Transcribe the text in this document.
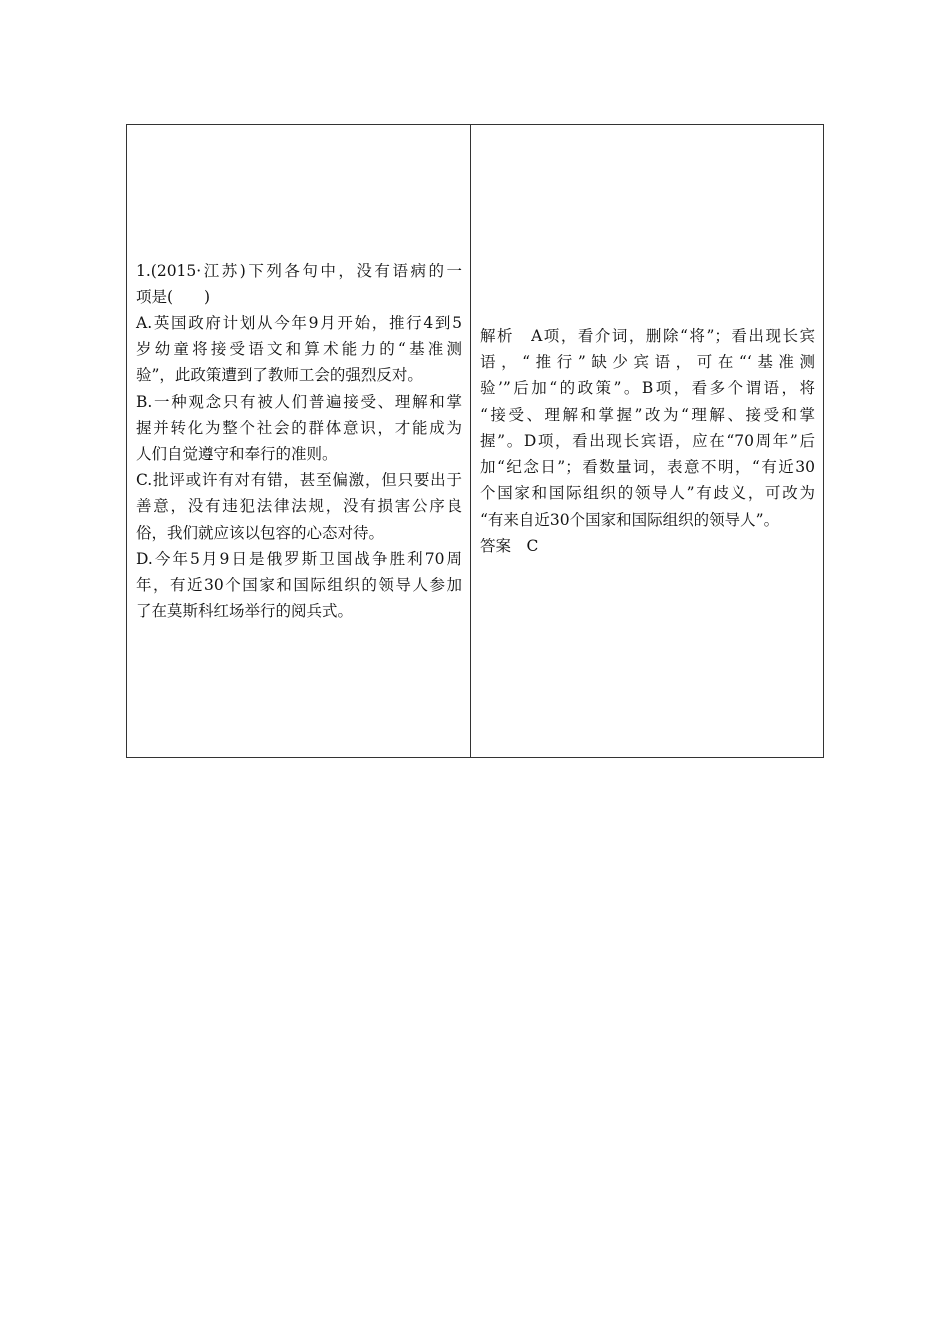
1.(2015·江苏)下列各句中，没有语病的一
项是(　　)
A.英国政府计划从今年9月开始，推行4到5
岁幼童将接受语文和算术能力的“基准测
验”，此政策遭到了教师工会的强烈反对。
B.一种观念只有被人们普遍接受、理解和掌
握并转化为整个社会的群体意识，才能成为
人们自觉遵守和奉行的准则。
C.批评或许有对有错，甚至偏激，但只要出于
善意，没有违犯法律法规，没有损害公序良
俗，我们就应该以包容的心态对待。
D.今年5月9日是俄罗斯卫国战争胜利70周
年，有近30个国家和国际组织的领导人参加
了在莫斯科红场举行的阅兵式。
解析　A项，看介词，删除“将”；看出现长宾
语，“推行”缺少宾语，可在“‘基准测
验’”后加“的政策”。B项，看多个谓语，将
“接受、理解和掌握”改为“理解、接受和掌
握”。D项，看出现长宾语，应在“70周年”后
加“纪念日”；看数量词，表意不明，“有近30
个国家和国际组织的领导人”有歧义，可改为
“有来自近30个国家和国际组织的领导人”。
答案　C
